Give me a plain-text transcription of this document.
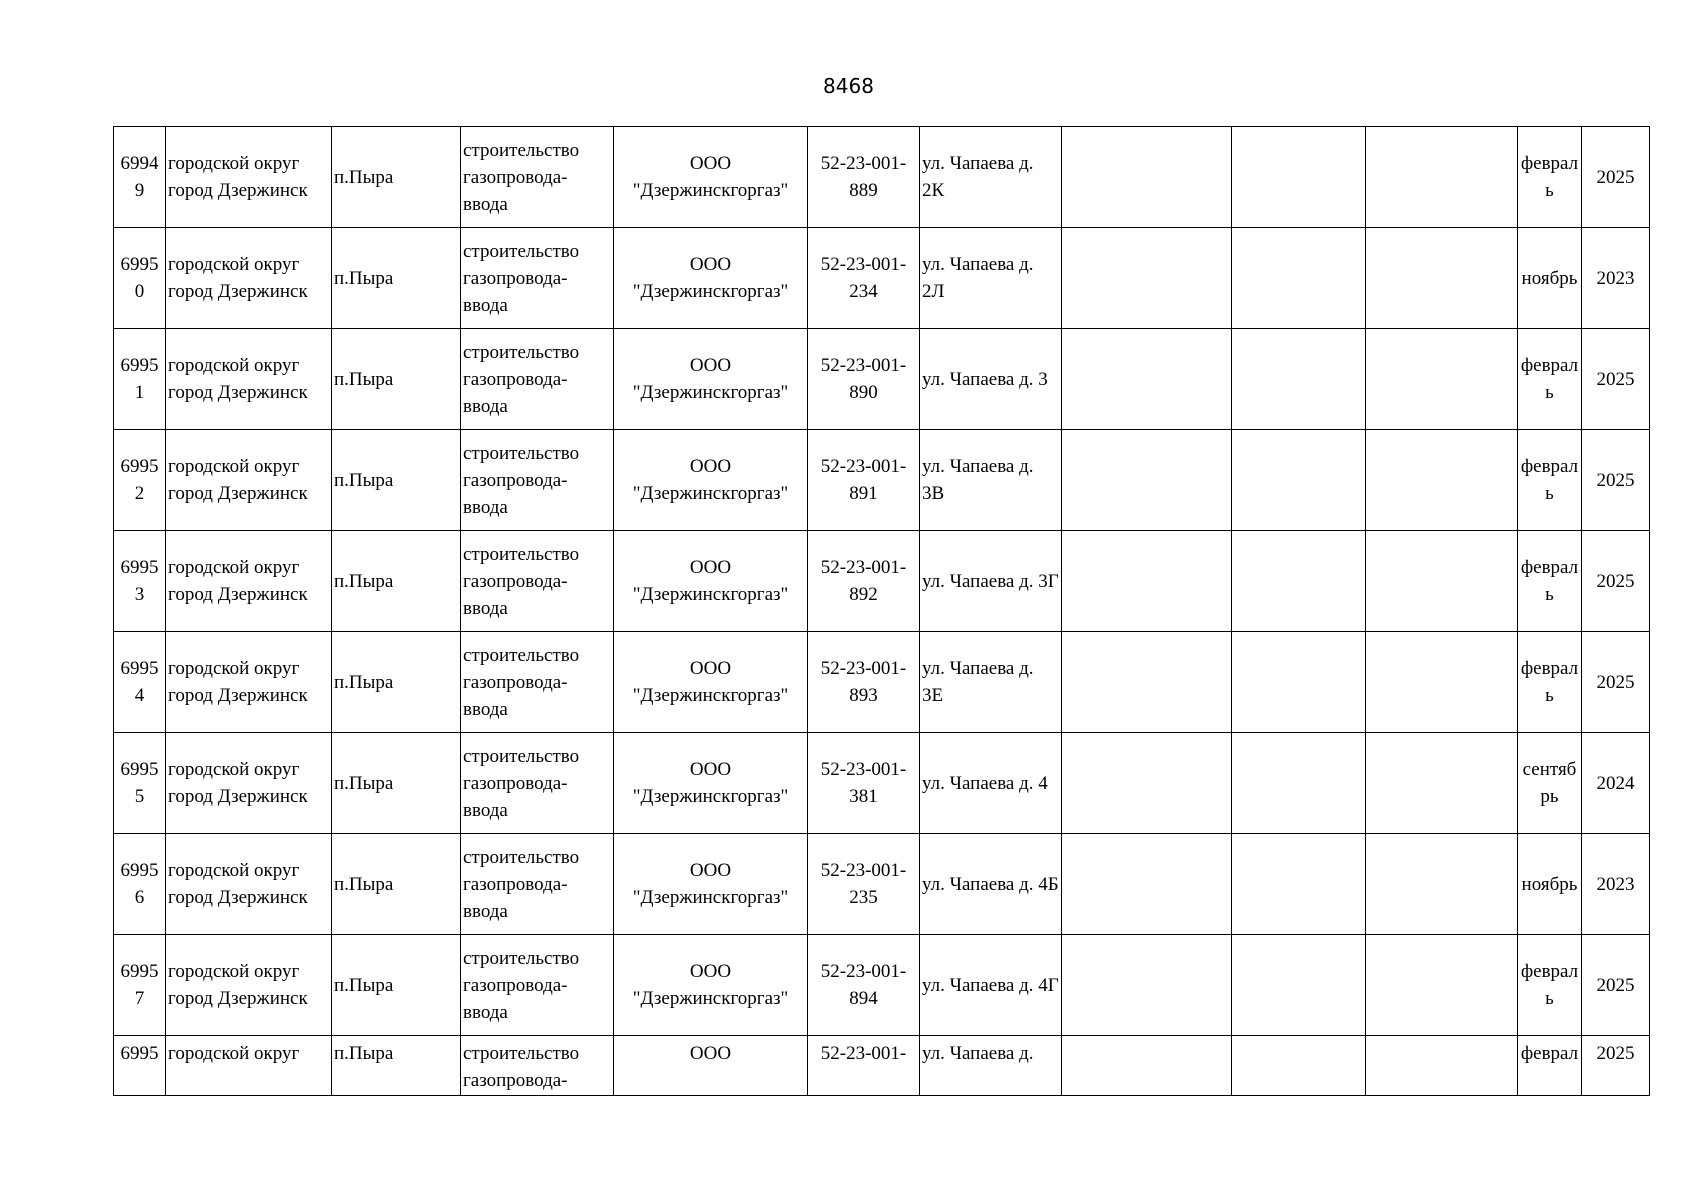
8468
69949	городской округ город Дзержинск	п.Пыра	строительство газопровода-ввода	ООО "Дзержинскгоргаз"	52-23-001-889	ул. Чапаева д. 2К				февраль	2025
69950	городской округ город Дзержинск	п.Пыра	строительство газопровода-ввода	ООО "Дзержинскгоргаз"	52-23-001-234	ул. Чапаева д. 2Л				ноябрь	2023
69951	городской округ город Дзержинск	п.Пыра	строительство газопровода-ввода	ООО "Дзержинскгоргаз"	52-23-001-890	ул. Чапаева д. 3				февраль	2025
69952	городской округ город Дзержинск	п.Пыра	строительство газопровода-ввода	ООО "Дзержинскгоргаз"	52-23-001-891	ул. Чапаева д. 3В				февраль	2025
69953	городской округ город Дзержинск	п.Пыра	строительство газопровода-ввода	ООО "Дзержинскгоргаз"	52-23-001-892	ул. Чапаева д. 3Г				февраль	2025
69954	городской округ город Дзержинск	п.Пыра	строительство газопровода-ввода	ООО "Дзержинскгоргаз"	52-23-001-893	ул. Чапаева д. 3Е				февраль	2025
69955	городской округ город Дзержинск	п.Пыра	строительство газопровода-ввода	ООО "Дзержинскгоргаз"	52-23-001-381	ул. Чапаева д. 4				сентябрь	2024
69956	городской округ город Дзержинск	п.Пыра	строительство газопровода-ввода	ООО "Дзержинскгоргаз"	52-23-001-235	ул. Чапаева д. 4Б				ноябрь	2023
69957	городской округ город Дзержинск	п.Пыра	строительство газопровода-ввода	ООО "Дзержинскгоргаз"	52-23-001-894	ул. Чапаева д. 4Г				февраль	2025
6995	городской округ	п.Пыра	строительство газопровода-	ООО	52-23-001-	ул. Чапаева д.				феврал	2025
